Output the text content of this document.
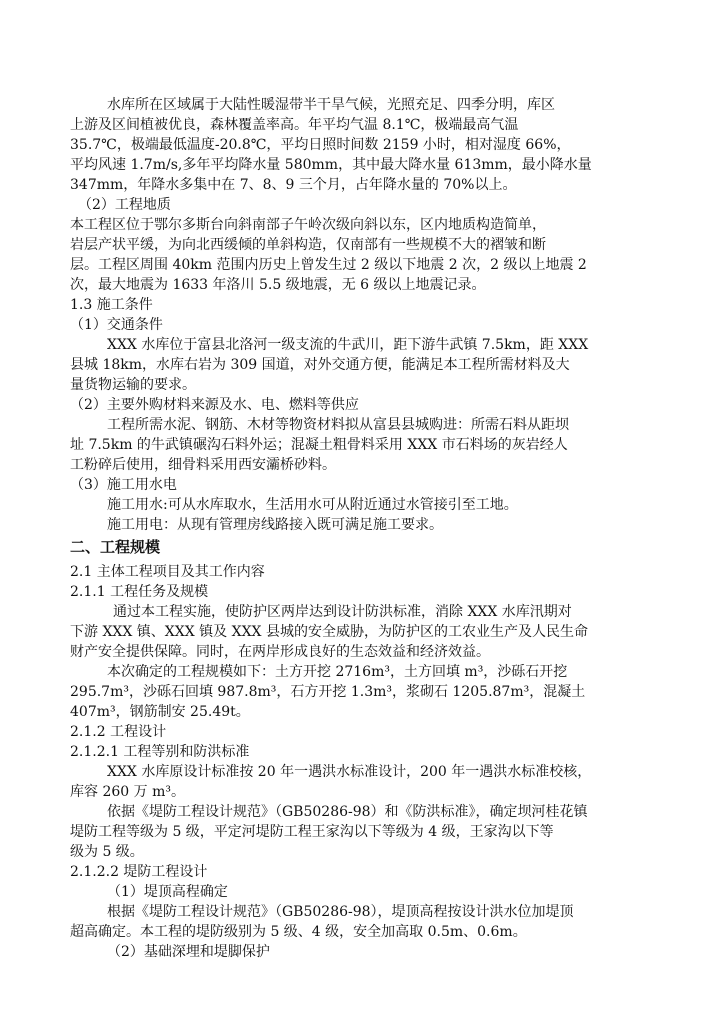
水库所在区域属于大陆性暖湿带半干旱气候，光照充足、四季分明，库区
上游及区间植被优良，森林覆盖率高。年平均气温 8.1℃，极端最高气温
35.7℃，极端最低温度-20.8℃，平均日照时间数 2159 小时，相对湿度 66%，
平均风速 1.7m/s,多年平均降水量 580mm，其中最大降水量 613mm，最小降水量
347mm，年降水多集中在 7、8、9 三个月，占年降水量的 70%以上。
（2）工程地质
本工程区位于鄂尔多斯台向斜南部子午岭次级向斜以东，区内地质构造简单，
岩层产状平缓，为向北西缓倾的单斜构造，仅南部有一些规模不大的褶皱和断
层。工程区周围 40km 范围内历史上曾发生过 2 级以下地震 2 次，2 级以上地震 2
次，最大地震为 1633 年洛川 5.5 级地震，无 6 级以上地震记录。
1.3 施工条件
（1）交通条件
XXX 水库位于富县北洛河一级支流的牛武川，距下游牛武镇 7.5km，距 XXX
县城 18km，水库右岩为 309 国道，对外交通方便，能满足本工程所需材料及大
量货物运输的要求。
（2）主要外购材料来源及水、电、燃料等供应
工程所需水泥、钢筋、木材等物资材料拟从富县县城购进：所需石料从距坝
址 7.5km 的牛武镇碾沟石料外运；混凝土粗骨料采用 XXX 市石料场的灰岩经人
工粉碎后使用，细骨料采用西安灞桥砂料。
（3）施工用水电
施工用水:可从水库取水，生活用水可从附近通过水管接引至工地。
施工用电：从现有管理房线路接入既可满足施工要求。
二、工程规模
2.1 主体工程项目及其工作内容
2.1.1 工程任务及规模
通过本工程实施，使防护区两岸达到设计防洪标准，消除 XXX 水库汛期对
下游 XXX 镇、XXX 镇及 XXX 县城的安全威胁，为防护区的工农业生产及人民生命
财产安全提供保障。同时，在两岸形成良好的生态效益和经济效益。
本次确定的工程规模如下：土方开挖 2716m³，土方回填 m³，沙砾石开挖
295.7m³，沙砾石回填 987.8m³，石方开挖 1.3m³，浆砌石 1205.87m³，混凝土
407m³，钢筋制安 25.49t。
2.1.2 工程设计
2.1.2.1 工程等别和防洪标准
XXX 水库原设计标准按 20 年一遇洪水标准设计，200 年一遇洪水标准校核，
库容 260 万 m³。
依据《堤防工程设计规范》（GB50286-98）和《防洪标准》，确定坝河桂花镇
堤防工程等级为 5 级，平定河堤防工程王家沟以下等级为 4 级，王家沟以下等
级为 5 级。
2.1.2.2 堤防工程设计
（1）堤顶高程确定
根据《堤防工程设计规范》（GB50286-98），堤顶高程按设计洪水位加堤顶
超高确定。本工程的堤防级别为 5 级、4 级，安全加高取 0.5m、0.6m。
（2）基础深埋和堤脚保护
